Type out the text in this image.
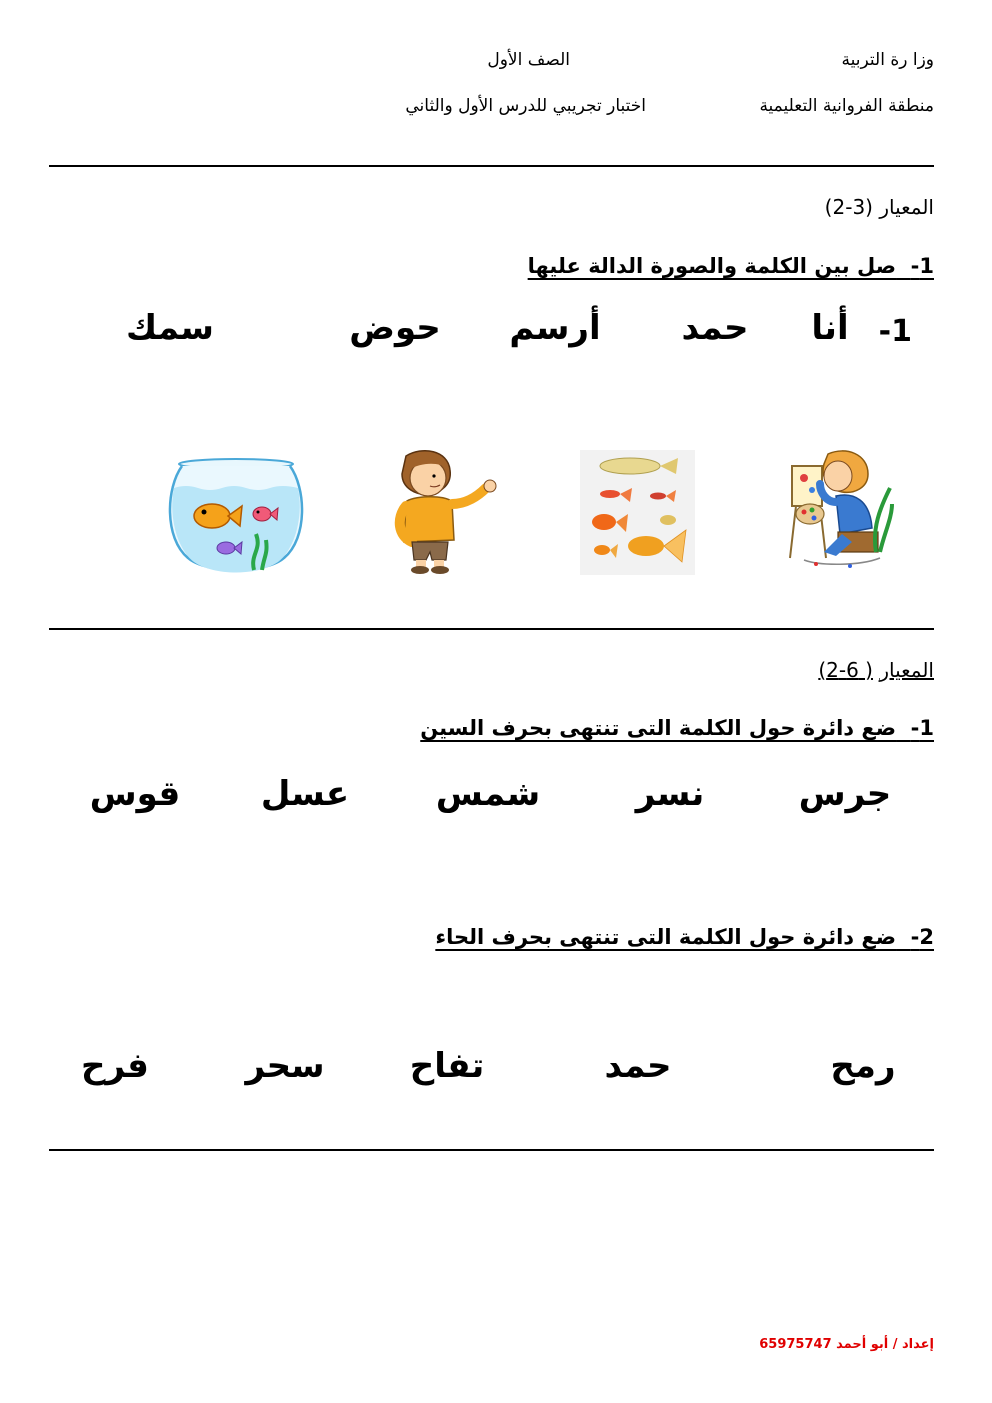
وزا رة التربية
الصف الأول
منطقة الفروانية التعليمية
اختبار تجريبي للدرس الأول والثاني
المعيار (3-2)
1-  صل بين الكلمة والصورة الدالة عليها
1-
أنا
حمد
أرسم
حوض
سمك
المعيار ( 6-2)
1-  ضع دائرة حول الكلمة التى تنتهى بحرف السين
جرس
نسر
شمس
عسل
قوس
2-  ضع دائرة حول الكلمة التى تنتهى بحرف الحاء
رمح
حمد
تفاح
سحر
فرح
إعداد / أبو أحمد 65975747
